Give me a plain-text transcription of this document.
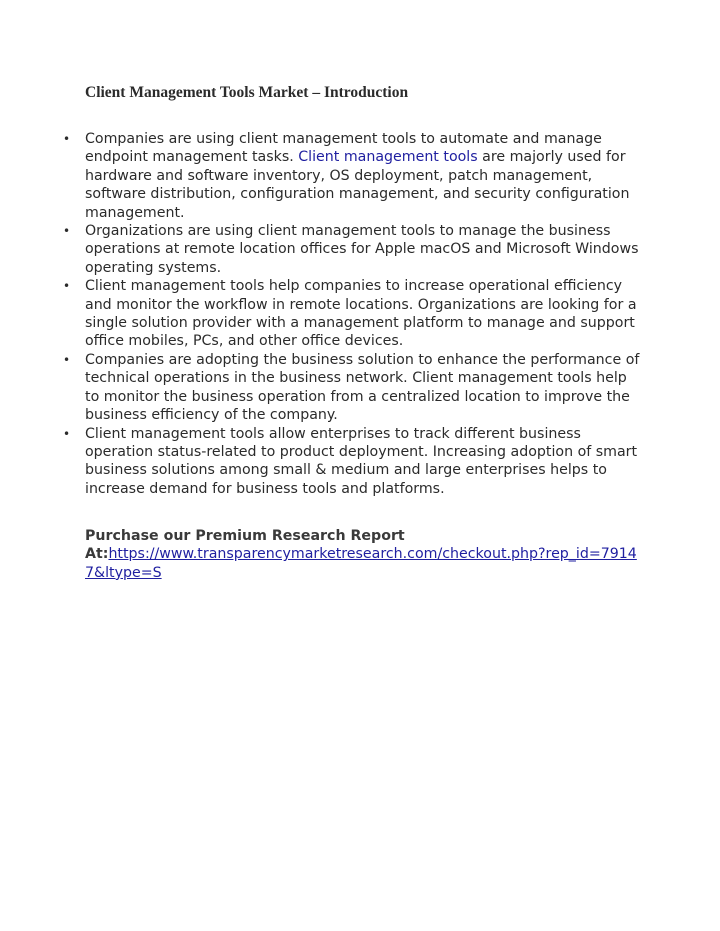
Client Management Tools Market – Introduction
• Companies are using client management tools to automate and manage endpoint management tasks. Client management tools are majorly used for hardware and software inventory, OS deployment, patch management, software distribution, configuration management, and security configuration management.
• Organizations are using client management tools to manage the business operations at remote location offices for Apple macOS and Microsoft Windows operating systems.
• Client management tools help companies to increase operational efficiency and monitor the workflow in remote locations. Organizations are looking for a single solution provider with a management platform to manage and support office mobiles, PCs, and other office devices.
• Companies are adopting the business solution to enhance the performance of technical operations in the business network. Client management tools help to monitor the business operation from a centralized location to improve the business efficiency of the company.
• Client management tools allow enterprises to track different business operation status-related to product deployment. Increasing adoption of smart business solutions among small & medium and large enterprises helps to increase demand for business tools and platforms.
Purchase our Premium Research Report
At:https://www.transparencymarketresearch.com/checkout.php?rep_id=79147&ltype=S
